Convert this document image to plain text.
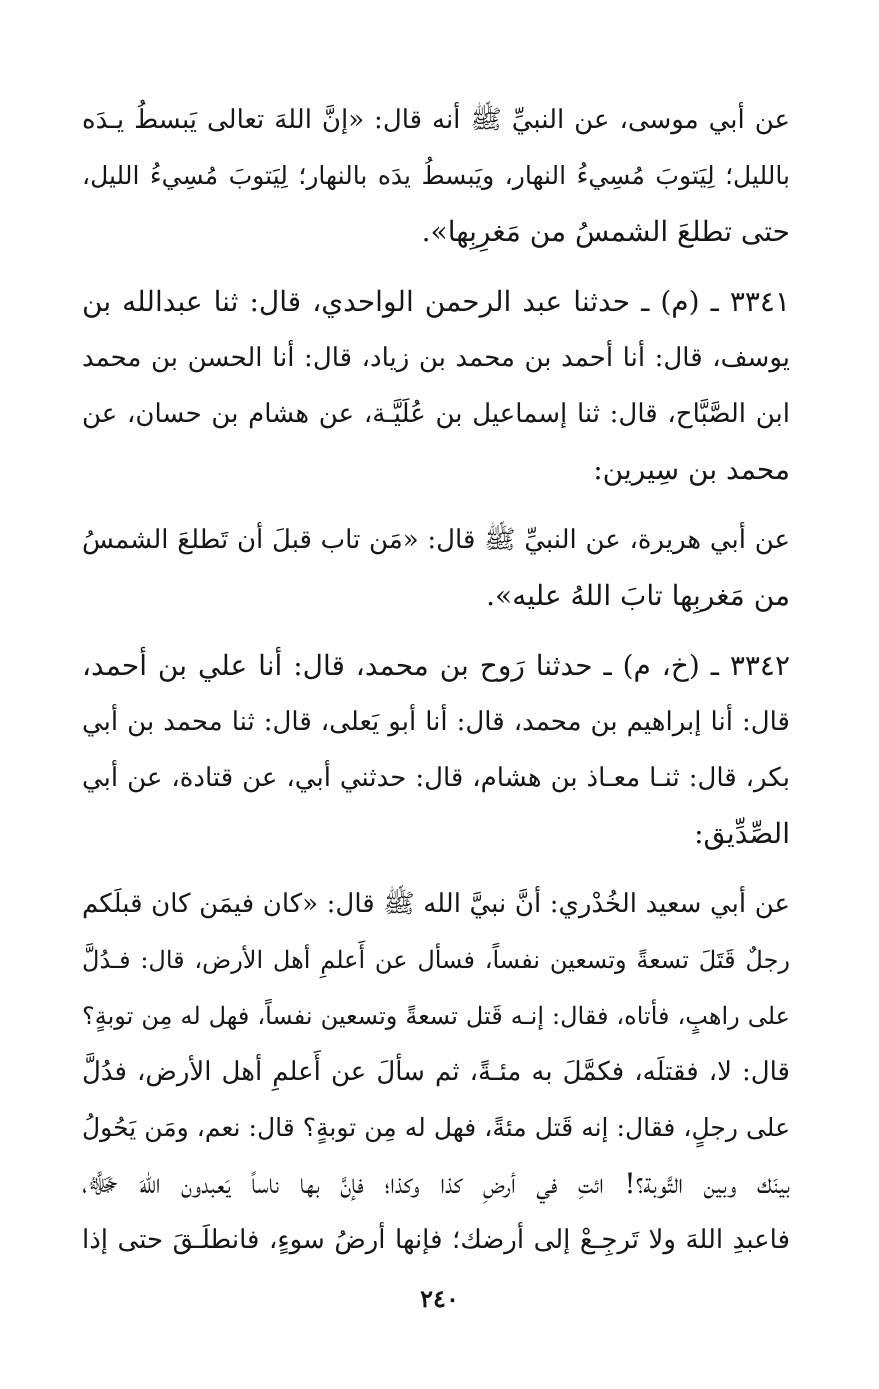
عن أبي موسى، عن النبيِّ ﷺ أنه قال: «إنَّ اللهَ تعالى يَبسطُ يـدَه
بالليل؛ لِيَتوبَ مُسِيءُ النهار، ويَبسطُ يدَه بالنهار؛ لِيَتوبَ مُسِيءُ الليل،
حتى تطلعَ الشمسُ من مَغرِبِها».
٣٣٤١ ـ (م) ـ حدثنا عبد الرحمن الواحدي، قال: ثنا عبدالله بن
يوسف، قال: أنا أحمد بن محمد بن زياد، قال: أنا الحسن بن محمد
ابن الصَّبَّاح، قال: ثنا إسماعيل بن عُلَيَّـة، عن هشام بن حسان، عن
محمد بن سِيرين:
عن أبي هريرة، عن النبيِّ ﷺ قال: «مَن تاب قبلَ أن تَطلعَ الشمسُ
من مَغربِها تابَ اللهُ عليه».
٣٣٤٢ ـ (خ، م) ـ حدثنا رَوح بن محمد، قال: أنا علي بن أحمد،
قال: أنا إبراهيم بن محمد، قال: أنا أبو يَعلى، قال: ثنا محمد بن أبي
بكر، قال: ثنـا معـاذ بن هشام، قال: حدثني أبي، عن قتادة، عن أبي
الصِّدِّيق:
عن أبي سعيد الخُدْري: أنَّ نبيَّ الله ﷺ قال: «كان فيمَن كان قبلَكم
رجلٌ قَتَلَ تسعةً وتسعين نفساً، فسأل عن أَعلمِ أهل الأرض، قال: فـدُلَّ
على راهبٍ، فأتاه، فقال: إنـه قَتل تسعةً وتسعين نفساً، فهل له مِن توبةٍ؟
قال: لا، فقتلَه، فكمَّلَ به مئـةً، ثم سألَ عن أَعلمِ أهل الأرض، فدُلَّ
على رجلٍ، فقال: إنه قَتل مئةً، فهل له مِن توبةٍ؟ قال: نعم، ومَن يَحُولُ
بينَك وبين التَّوبة؟! ائتِ في أرضِ كذا وكذا؛ فإنَّ بها ناساً يَعبدون اللهَ ﷻ،
فاعبدِ اللهَ ولا تَرجِـعْ إلى أرضك؛ فإنها أرضُ سوءٍ، فانطلَـقَ حتى إذا
٢٤٠
